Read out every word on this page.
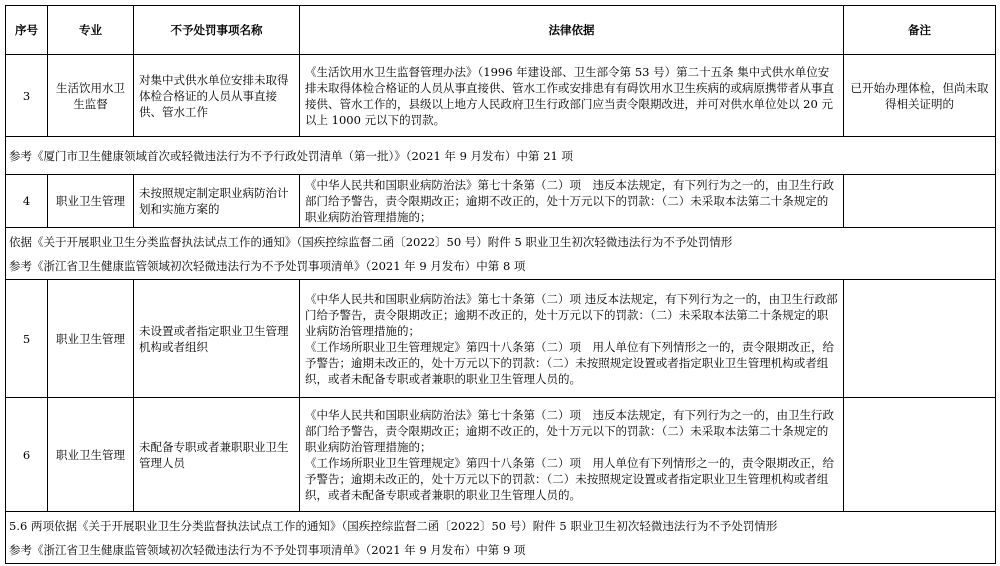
序号	专业	不予处罚事项名称	法律依据	备注
3	生活饮用水卫生监督	对集中式供水单位安排未取得体检合格证的人员从事直接供、管水工作	《生活饮用水卫生监督管理办法》（1996 年建设部、卫生部令第 53 号）第二十五条 集中式供水单位安排未取得体检合格证的人员从事直接供、管水工作或安排患有有碍饮用水卫生疾病的或病原携带者从事直接供、管水工作的，县级以上地方人民政府卫生行政部门应当责令限期改进，并可对供水单位处以 20 元以上 1000 元以下的罚款。	已开始办理体检，但尚未取得相关证明的
参考《厦门市卫生健康领域首次或轻微违法行为不予行政处罚清单（第一批）》（2021 年 9 月发布）中第 21 项				
4	职业卫生管理	未按照规定制定职业病防治计划和实施方案的	《中华人民共和国职业病防治法》第七十条第（二）项　违反本法规定，有下列行为之一的，由卫生行政部门给予警告，责令限期改正；逾期不改正的，处十万元以下的罚款：（二）未采取本法第二十条规定的职业病防治管理措施的；	

依据《关于开展职业卫生分类监督执法试点工作的通知》（国疾控综监督二函〔2022〕50 号）附件 5 职业卫生初次轻微违法行为不予处罚情形
参考《浙江省卫生健康监管领域初次轻微违法行为不予处罚事项清单》（2021 年 9 月发布）中第 8 项				

5	职业卫生管理	未设置或者指定职业卫生管理机构或者组织	《中华人民共和国职业病防治法》第七十条第（二）项 违反本法规定，有下列行为之一的，由卫生行政部门给予警告，责令限期改正；逾期不改正的，处十万元以下的罚款：（二）未采取本法第二十条规定的职业病防治管理措施的；
《工作场所职业卫生管理规定》第四十八条第（二）项　用人单位有下列情形之一的，责令限期改正，给予警告；逾期未改正的，处十万元以下的罚款：（二）未按照规定设置或者指定职业卫生管理机构或者组织，或者未配备专职或者兼职的职业卫生管理人员的。	

6	职业卫生管理	未配备专职或者兼职职业卫生管理人员	《中华人民共和国职业病防治法》第七十条第（二）项　违反本法规定，有下列行为之一的，由卫生行政部门给予警告，责令限期改正；逾期不改正的，处十万元以下的罚款：（二）未采取本法第二十条规定的职业病防治管理措施的；
《工作场所职业卫生管理规定》第四十八条第（二）项　用人单位有下列情形之一的，责令限期改正，给予警告；逾期未改正的，处十万元以下的罚款：（二）未按照规定设置或者指定职业卫生管理机构或者组织，或者未配备专职或者兼职的职业卫生管理人员的。	

5.6 两项依据《关于开展职业卫生分类监督执法试点工作的通知》（国疾控综监督二函〔2022〕50 号）附件 5 职业卫生初次轻微违法行为不予处罚情形
参考《浙江省卫生健康监管领域初次轻微违法行为不予处罚事项清单》（2021 年 9 月发布）中第 9 项				
